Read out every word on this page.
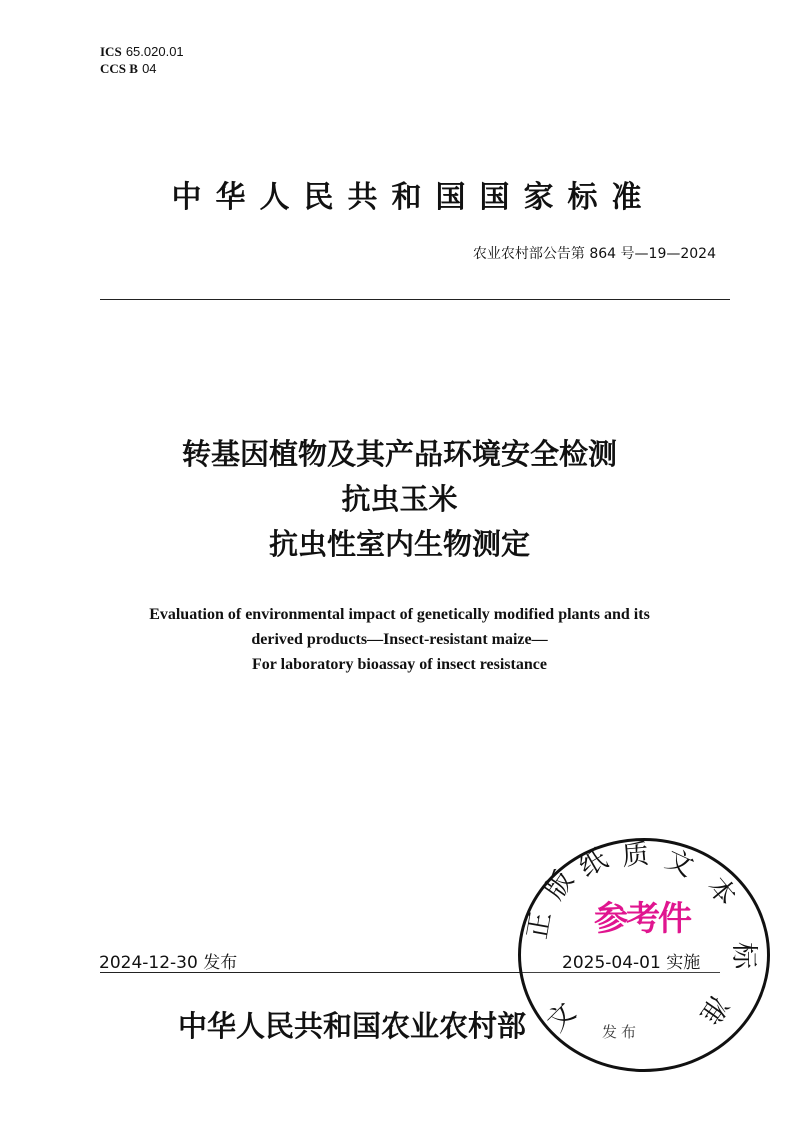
ICS 65.020.01
CCS B 04
中华人民共和国国家标准
农业农村部公告第 864 号—19—2024
转基因植物及其产品环境安全检测
抗虫玉米
抗虫性室内生物测定
Evaluation of environmental impact of genetically modified plants and its
derived products—Insect-resistant maize—
For laboratory bioassay of insect resistance
2024-12-30 发布
中华人民共和国农业农村部	发布
2025-04-01 实施
文
正
版
纸 质 文
本
标
准
参考件
